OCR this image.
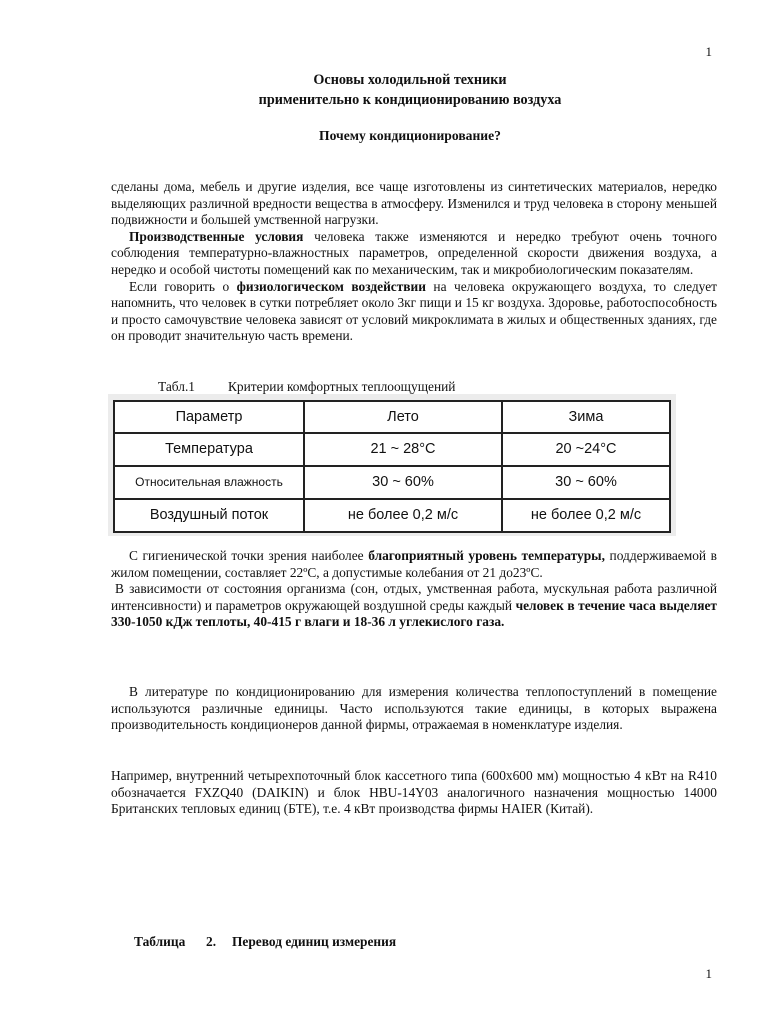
1
Основы холодильной техники
применительно к кондиционированию воздуха
Почему кондиционирование?

сделаны дома, мебель и другие изделия, все чаще изготовлены из синтетических материалов, нередко выделяющих различной вредности вещества в атмосферу. Изменился и труд человека в сторону меньшей подвижности и большей умственной нагрузки.

Производственные условия человека также изменяются и нередко требуют очень точного соблюдения температурно-влажностных параметров, определенной скорости движения воздуха, а нередко и особой чистоты помещений как по механическим, так и микробиологическим показателям.

Если говорить о физиологическом воздействии на человека окружающего воздуха, то следует напомнить, что человек в сутки потребляет около 3кг пищи и 15 кг воздуха. Здоровье, работоспособность и просто самочувствие человека зависят от условий микроклимата в жилых и общественных зданиях, где он проводит значительную часть времени.

Табл.1 Критерии комфортных теплоощущений
Параметр	Лето	Зима
Температура	21 ~ 28°С	20 ~24°С
Относительная влажность	30 ~ 60%	30 ~ 60%
Воздушный поток	не более 0,2 м/с	не более 0,2 м/с

С гигиенической точки зрения наиболее благоприятный уровень температуры, поддерживаемой в жилом помещении, составляет 22ºС, а допустимые колебания от 21 до23ºС.

В зависимости от состояния организма (сон, отдых, умственная работа, мускульная работа различной интенсивности) и параметров окружающей воздушной среды каждый человек в течение часа выделяет 330-1050 кДж теплоты, 40-415 г влаги и 18-36 л углекислого газа.

В литературе по кондиционированию для измерения количества теплопоступлений в помещение используются различные единицы. Часто используются такие единицы, в которых выражена производительность кондиционеров данной фирмы, отражаемая в номенклатуре изделия.

Например, внутренний четырехпоточный блок кассетного типа (600х600 мм) мощностью 4 кВт на R410 обозначается FXZQ40 (DAIKIN) и блок HBU-14Y03 аналогичного назначения мощностью 14000 Британских тепловых единиц (БТЕ), т.е. 4 кВт производства фирмы HAIER (Китай).

Таблица 2. Перевод единиц измерения
1
